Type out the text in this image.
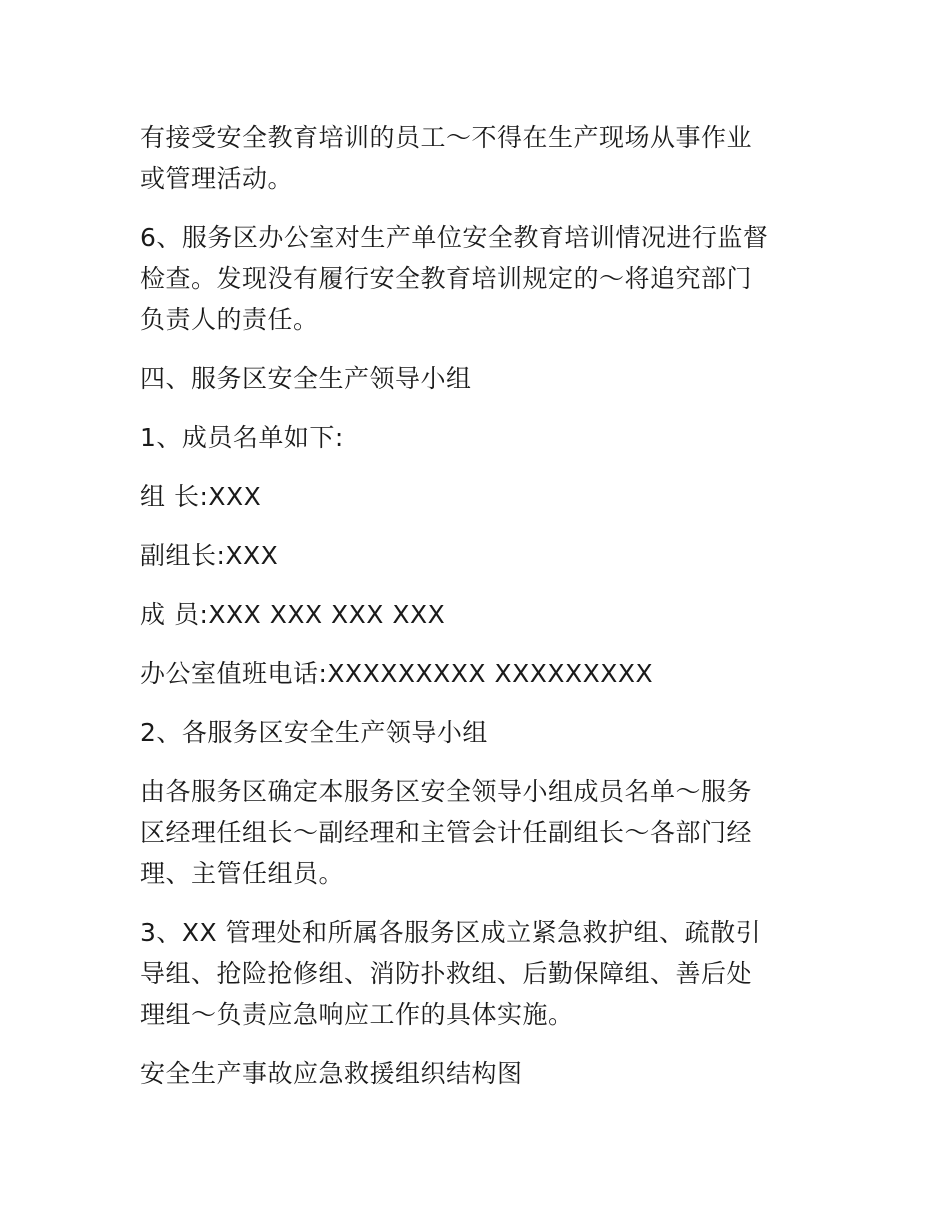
有接受安全教育培训的员工～不得在生产现场从事作业
或管理活动。

6、服务区办公室对生产单位安全教育培训情况进行监督
检查。发现没有履行安全教育培训规定的～将追究部门
负责人的责任。

四、服务区安全生产领导小组

1、成员名单如下:

组 长:XXX

副组长:XXX

成 员:XXX XXX XXX XXX

办公室值班电话:XXXXXXXXX XXXXXXXXX

2、各服务区安全生产领导小组

由各服务区确定本服务区安全领导小组成员名单～服务
区经理任组长～副经理和主管会计任副组长～各部门经
理、主管任组员。

3、XX 管理处和所属各服务区成立紧急救护组、疏散引
导组、抢险抢修组、消防扑救组、后勤保障组、善后处
理组～负责应急响应工作的具体实施。

安全生产事故应急救援组织结构图
